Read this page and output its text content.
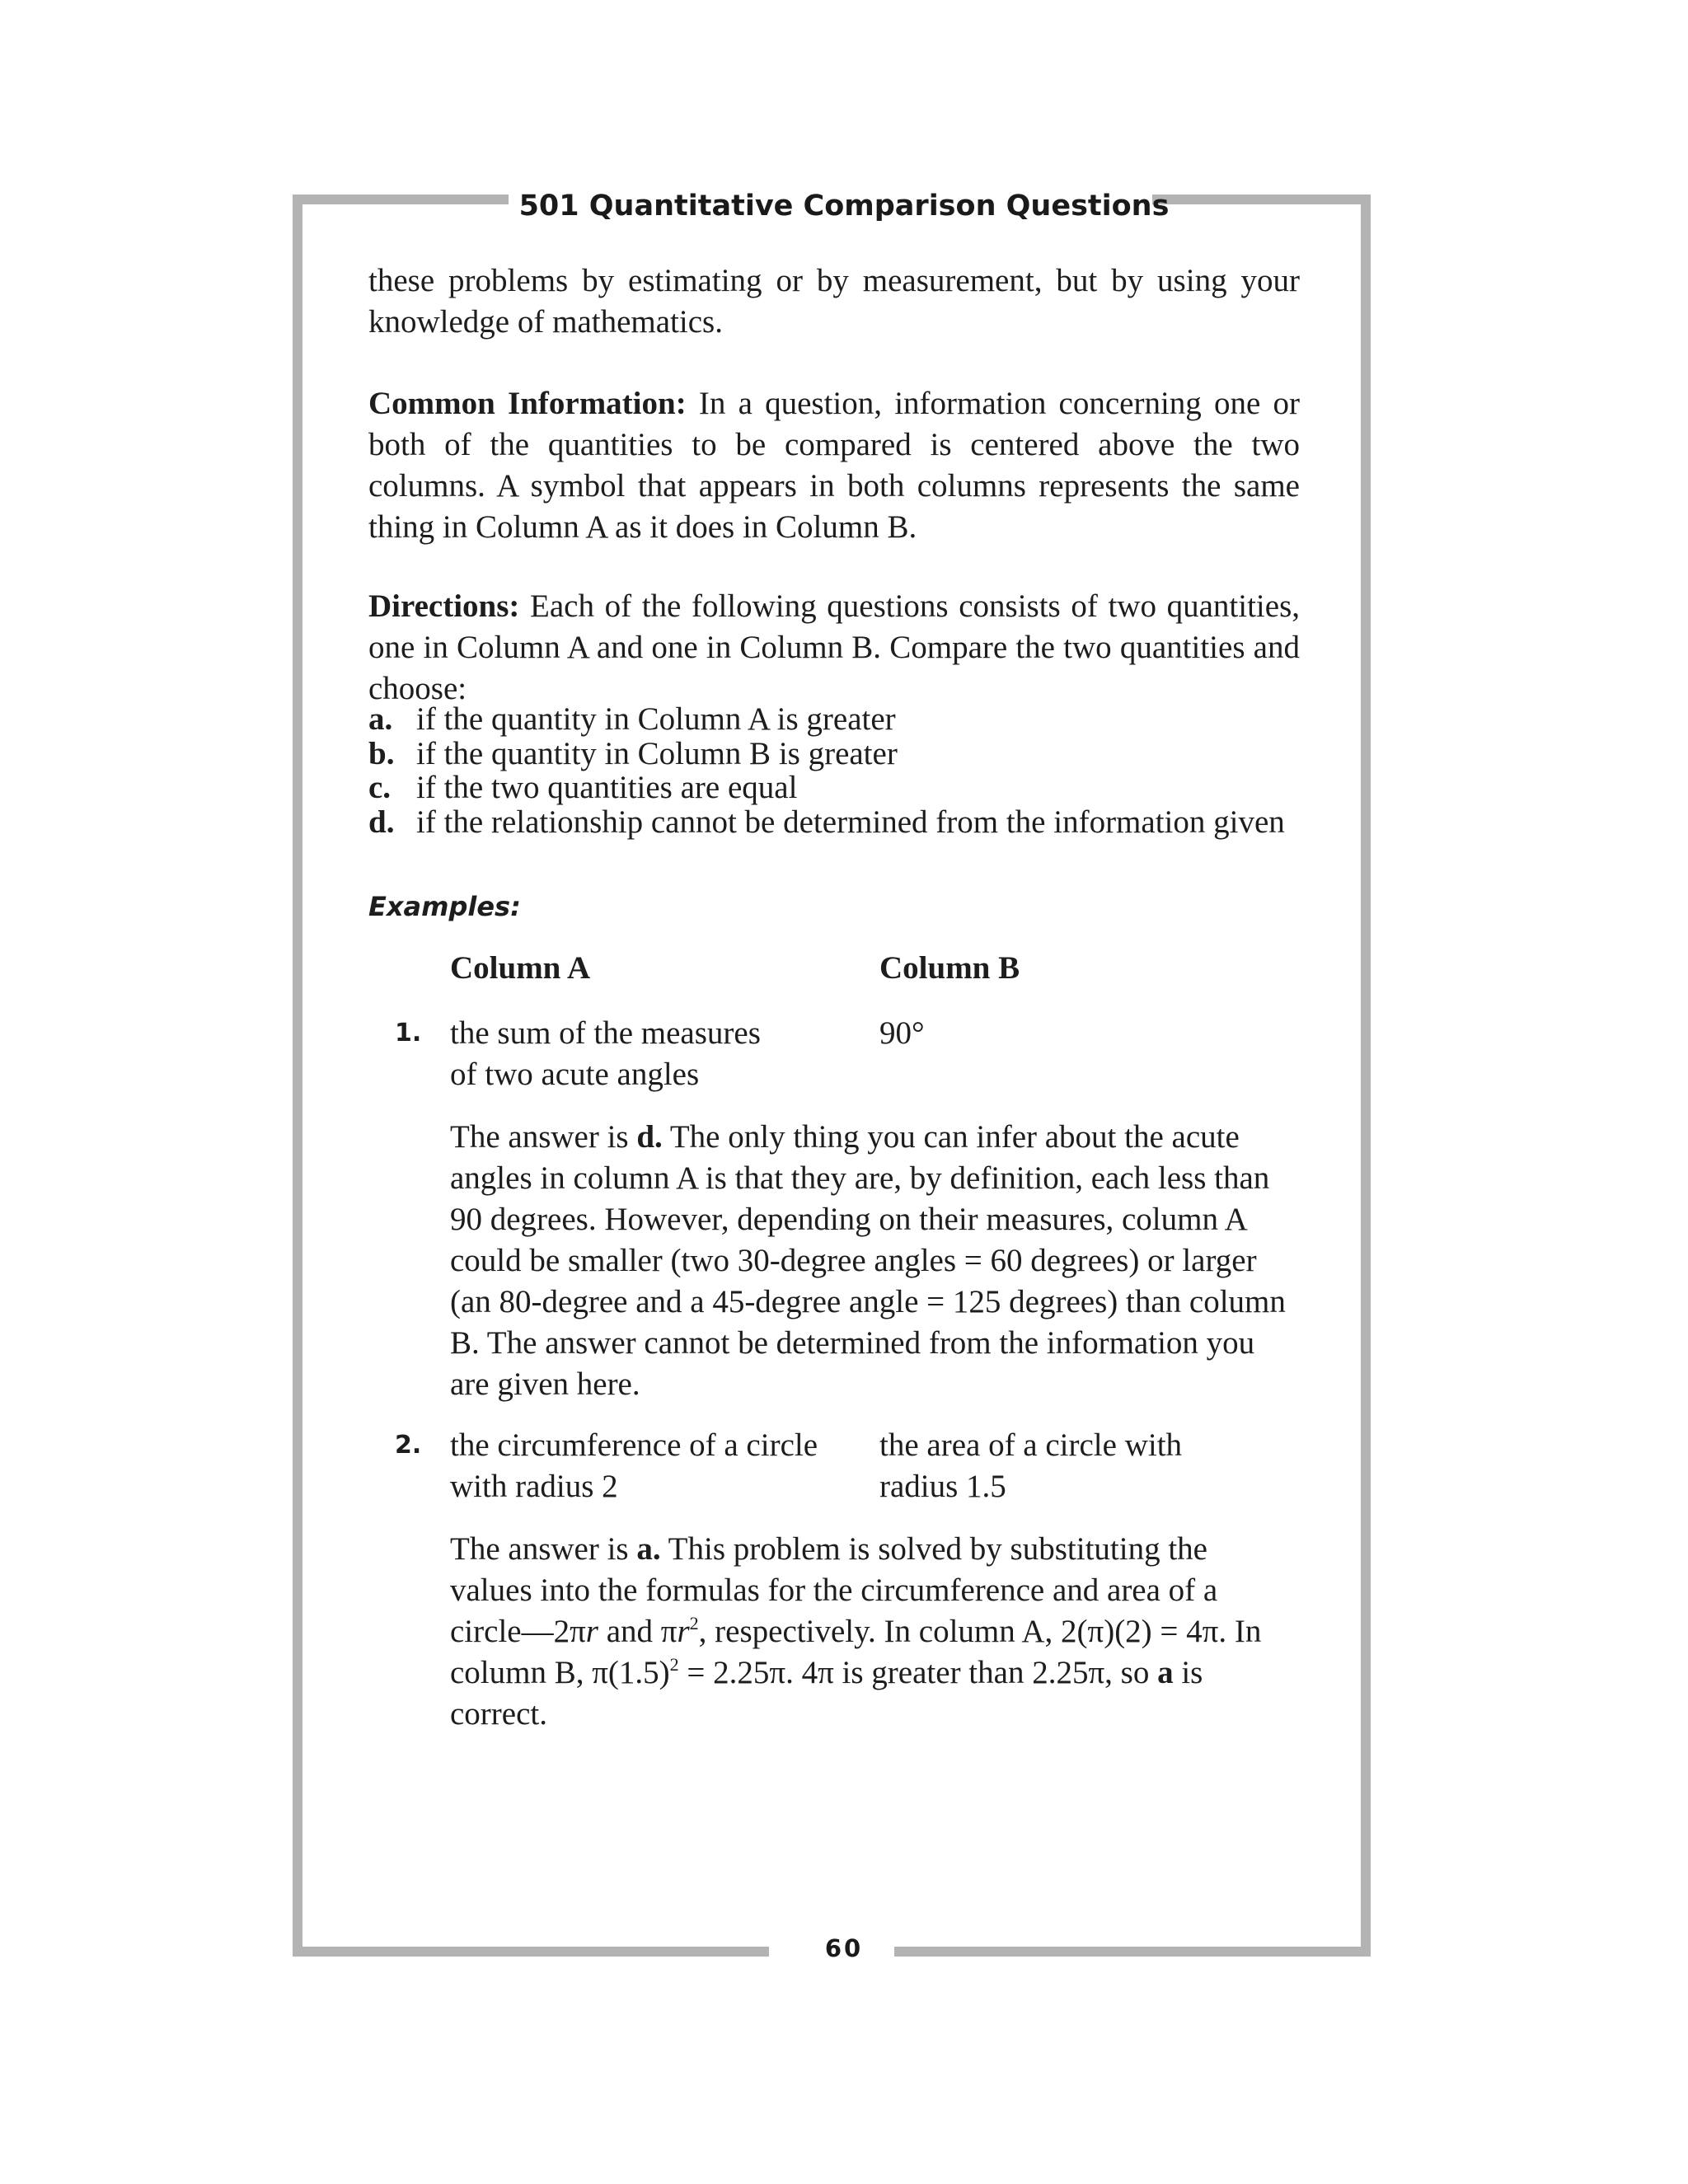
501 Quantitative Comparison Questions

these problems by estimating or by measurement, but by using your knowledge of mathematics.

Common Information: In a question, information concerning one or both of the quantities to be compared is centered above the two columns. A symbol that appears in both columns represents the same thing in Column A as it does in Column B.

Directions: Each of the following questions consists of two quantities, one in Column A and one in Column B. Compare the two quantities and choose:

a. if the quantity in Column A is greater
b. if the quantity in Column B is greater
c. if the two quantities are equal
d. if the relationship cannot be determined from the information given
Examples:
Column A	Column B
1. the sum of the measures
of two acute angles
90°

The answer is d. The only thing you can infer about the acute angles in column A is that they are, by definition, each less than 90 degrees. However, depending on their measures, column A could be smaller (two 30-degree angles = 60 degrees) or larger (an 80-degree and a 45-degree angle = 125 degrees) than column B. The answer cannot be determined from the information you are given here.

2. the circumference of a circle
with radius 2
the area of a circle with
radius 1.5

The answer is a. This problem is solved by substituting the values into the formulas for the circumference and area of a circle—2πr and $\pi r^2$, respectively. In column A, 2(π)(2) = 4π. In column B, $\pi(1.5)^2 = 2.25\pi$. 4π is greater than 2.25π, so a is correct.

60
